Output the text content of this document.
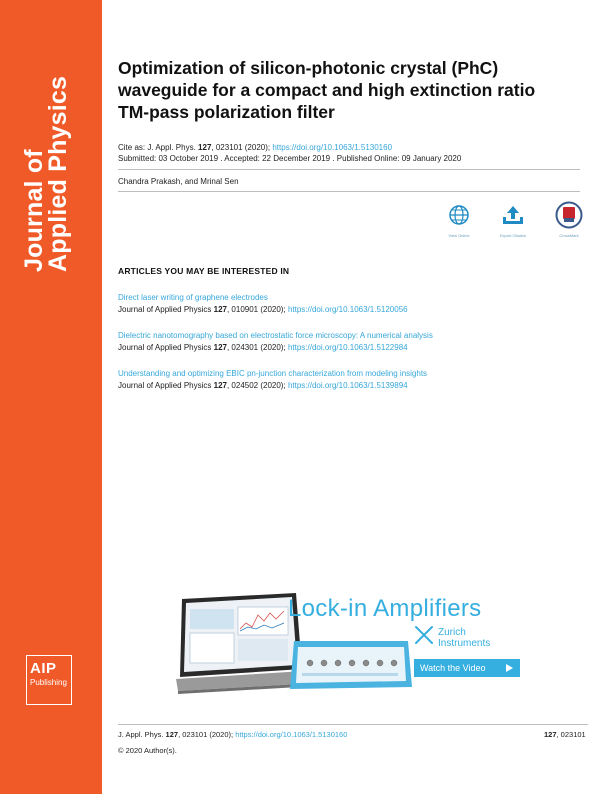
Journal of
Applied Physics
AIP
Publishing
Optimization of silicon-photonic crystal (PhC) waveguide for a compact and high extinction ratio TM-pass polarization filter
Cite as: J. Appl. Phys. 127, 023101 (2020); https://doi.org/10.1063/1.5130160
Submitted: 03 October 2019 . Accepted: 22 December 2019 . Published Online: 09 January 2020
Chandra Prakash, and Mrinal Sen
View Online	Export Citation	CrossMark
ARTICLES YOU MAY BE INTERESTED IN
Direct laser writing of graphene electrodes
Journal of Applied Physics 127, 010901 (2020); https://doi.org/10.1063/1.5120056
Dielectric nanotomography based on electrostatic force microscopy: A numerical analysis
Journal of Applied Physics 127, 024301 (2020); https://doi.org/10.1063/1.5122984
Understanding and optimizing EBIC pn-junction characterization from modeling insights
Journal of Applied Physics 127, 024502 (2020); https://doi.org/10.1063/1.5139894
Lock-in Amplifiers
Zurich
Instruments
Watch the Video
J. Appl. Phys. 127, 023101 (2020); https://doi.org/10.1063/1.5130160	127, 023101
© 2020 Author(s).
